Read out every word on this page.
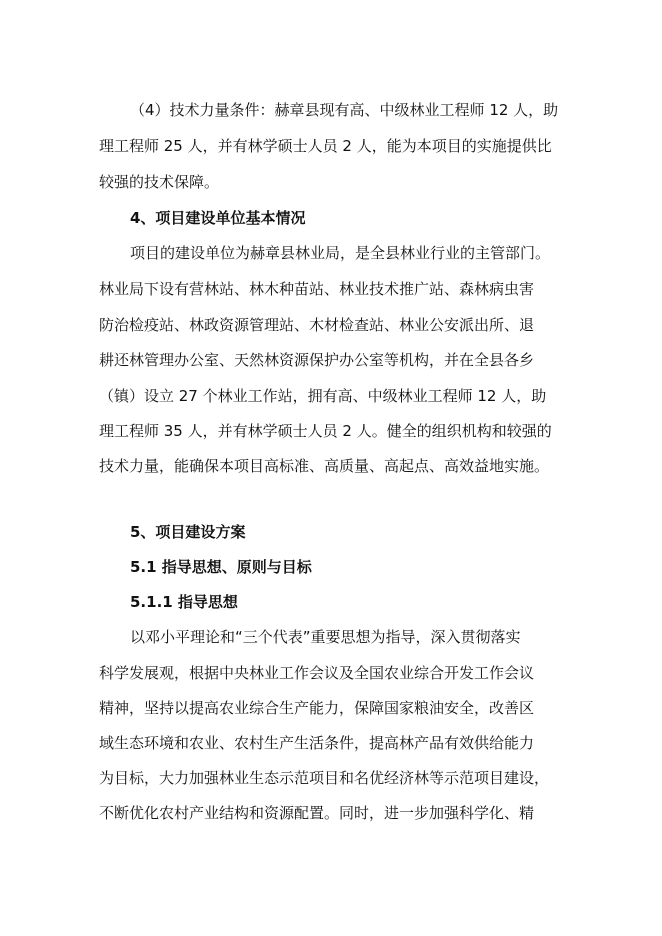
（4）技术力量条件：赫章县现有高、中级林业工程师 12 人，助
理工程师 25 人，并有林学硕士人员 2 人，能为本项目的实施提供比
较强的技术保障。
4、项目建设单位基本情况
项目的建设单位为赫章县林业局，是全县林业行业的主管部门。
林业局下设有营林站、林木种苗站、林业技术推广站、森林病虫害
防治检疫站、林政资源管理站、木材检查站、林业公安派出所、退
耕还林管理办公室、天然林资源保护办公室等机构，并在全县各乡
（镇）设立 27 个林业工作站，拥有高、中级林业工程师 12 人，助
理工程师 35 人，并有林学硕士人员 2 人。健全的组织机构和较强的
技术力量，能确保本项目高标准、高质量、高起点、高效益地实施。
5、项目建设方案
5.1 指导思想、原则与目标
5.1.1 指导思想
以邓小平理论和“三个代表”重要思想为指导，深入贯彻落实
科学发展观，根据中央林业工作会议及全国农业综合开发工作会议
精神，坚持以提高农业综合生产能力，保障国家粮油安全，改善区
域生态环境和农业、农村生产生活条件，提高林产品有效供给能力
为目标，大力加强林业生态示范项目和名优经济林等示范项目建设，
不断优化农村产业结构和资源配置。同时，进一步加强科学化、精
